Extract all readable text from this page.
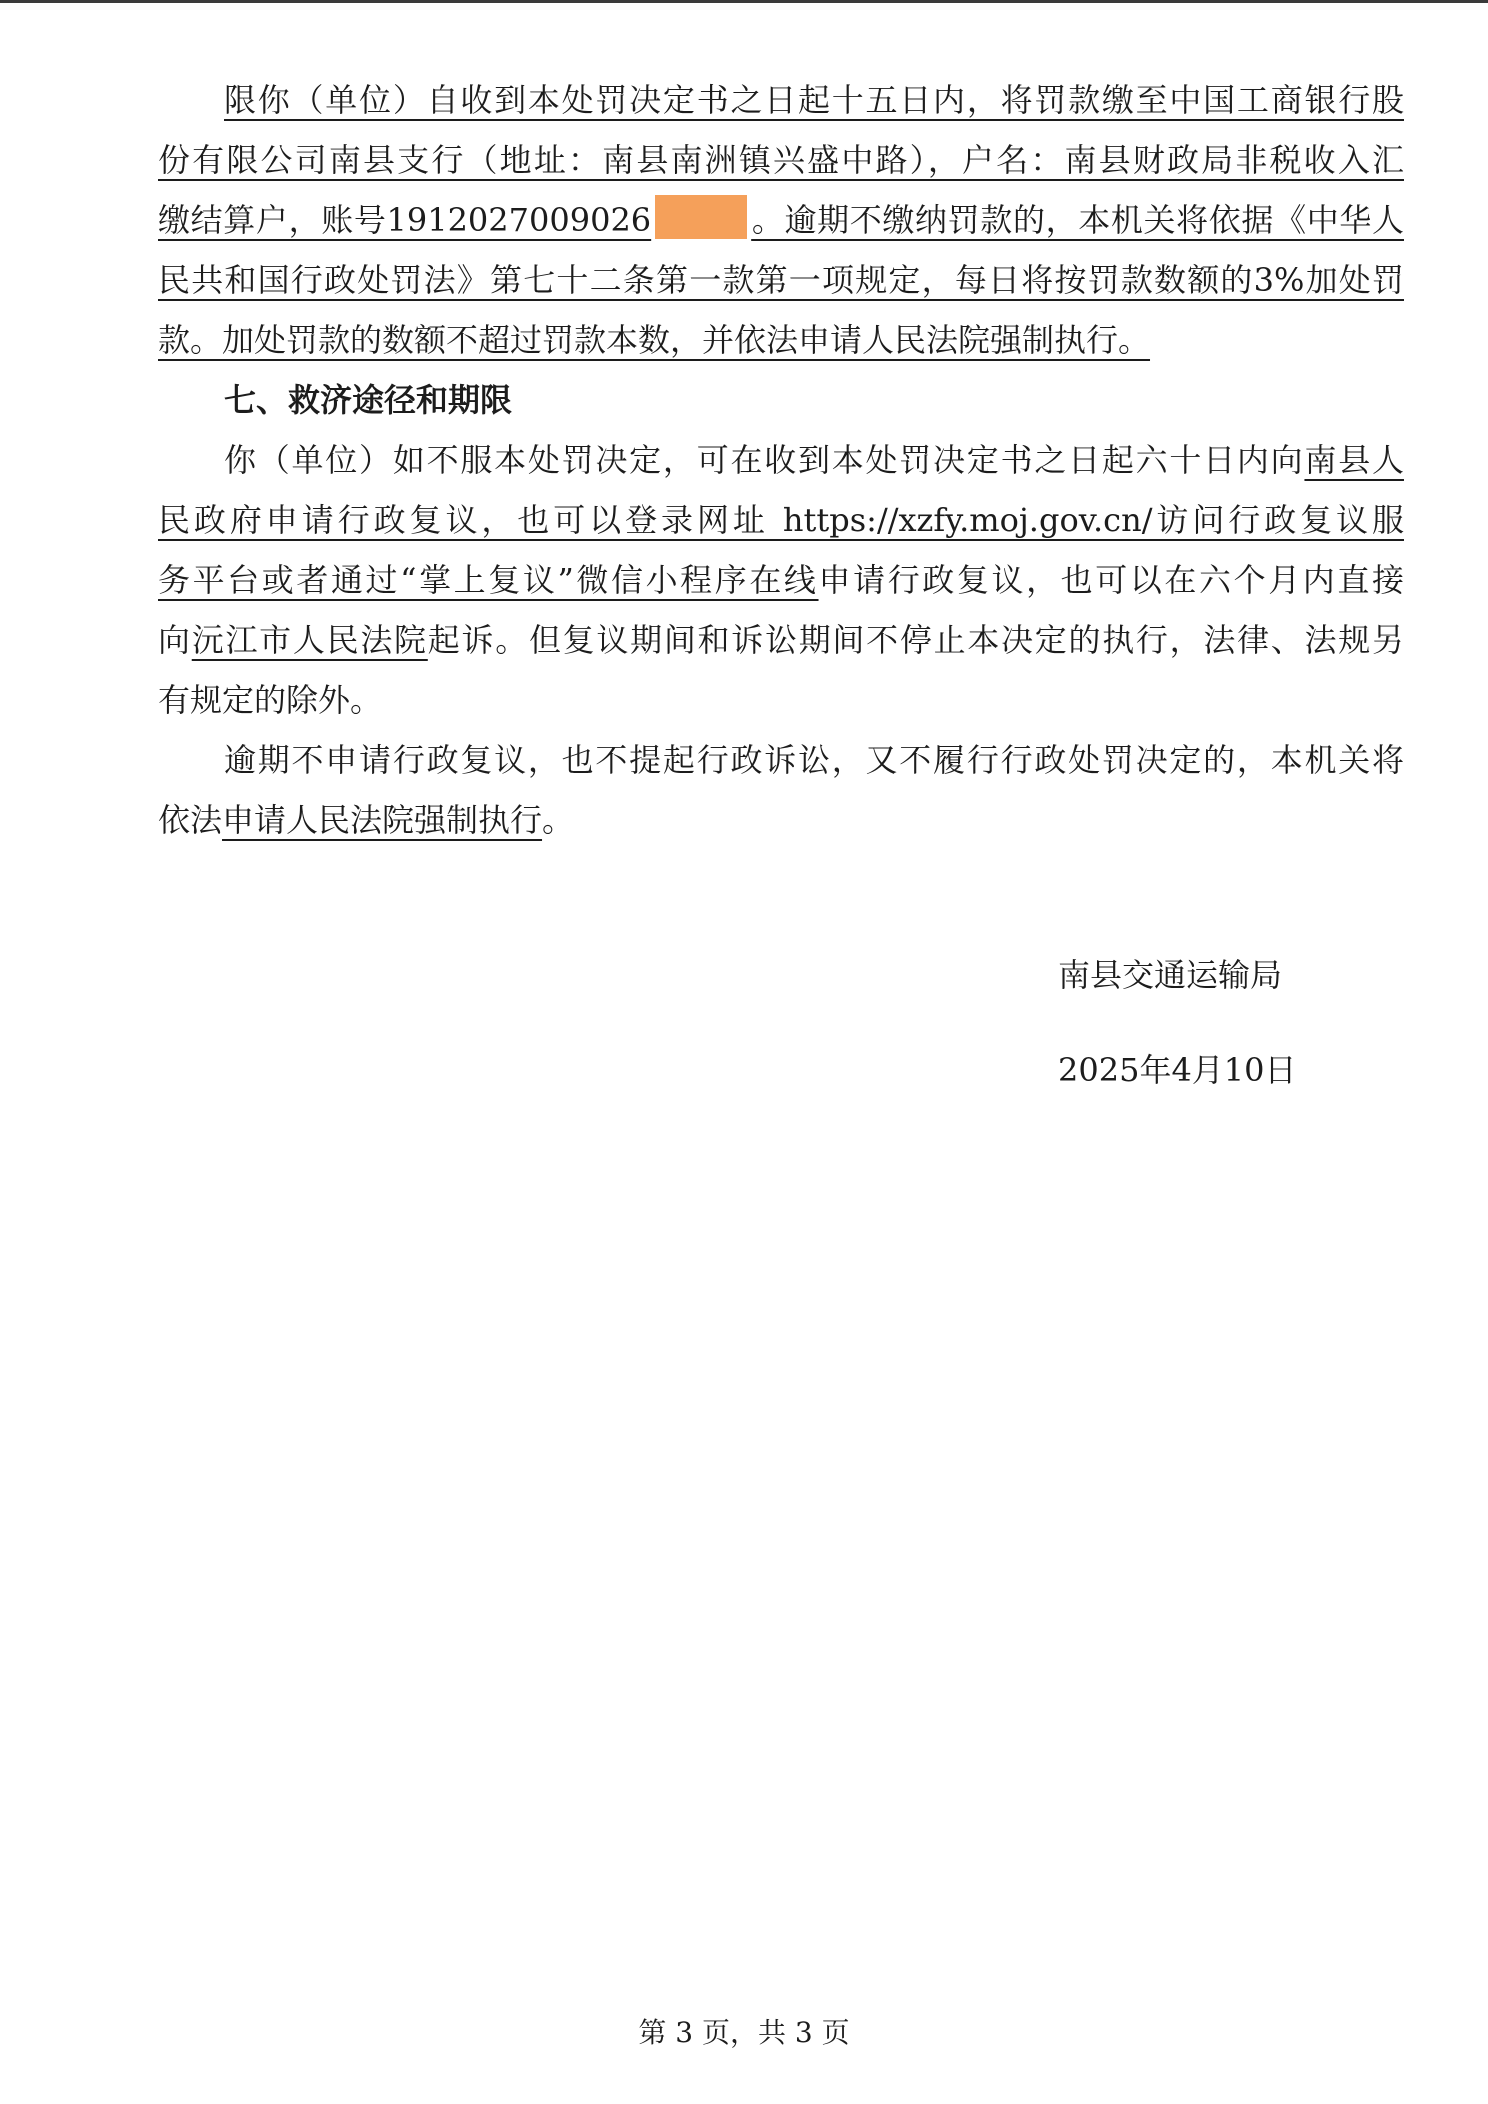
限你（单位）自收到本处罚决定书之日起十五日内，将罚款缴至中国工商银行股
份有限公司南县支行（地址：南县南洲镇兴盛中路），户名：南县财政局非税收入汇
缴结算户，账号1912027009026	。逾期不缴纳罚款的，本机关将依据《中华人
民共和国行政处罚法》第七十二条第一款第一项规定，每日将按罚款数额的3%加处罚
款。加处罚款的数额不超过罚款本数，并依法申请人民法院强制执行。
七、救济途径和期限
你（单位）如不服本处罚决定，可在收到本处罚决定书之日起六十日内向南县人
民政府申请行政复议，也可以登录网址 https://xzfy.moj.gov.cn/访问行政复议服
务平台或者通过“掌上复议”微信小程序在线申请行政复议，也可以在六个月内直接
向沅江市人民法院起诉。但复议期间和诉讼期间不停止本决定的执行，法律、法规另
有规定的除外。
逾期不申请行政复议，也不提起行政诉讼，又不履行行政处罚决定的，本机关将
依法申请人民法院强制执行。
南县交通运输局
2025年4月10日
第 3 页，共 3 页
